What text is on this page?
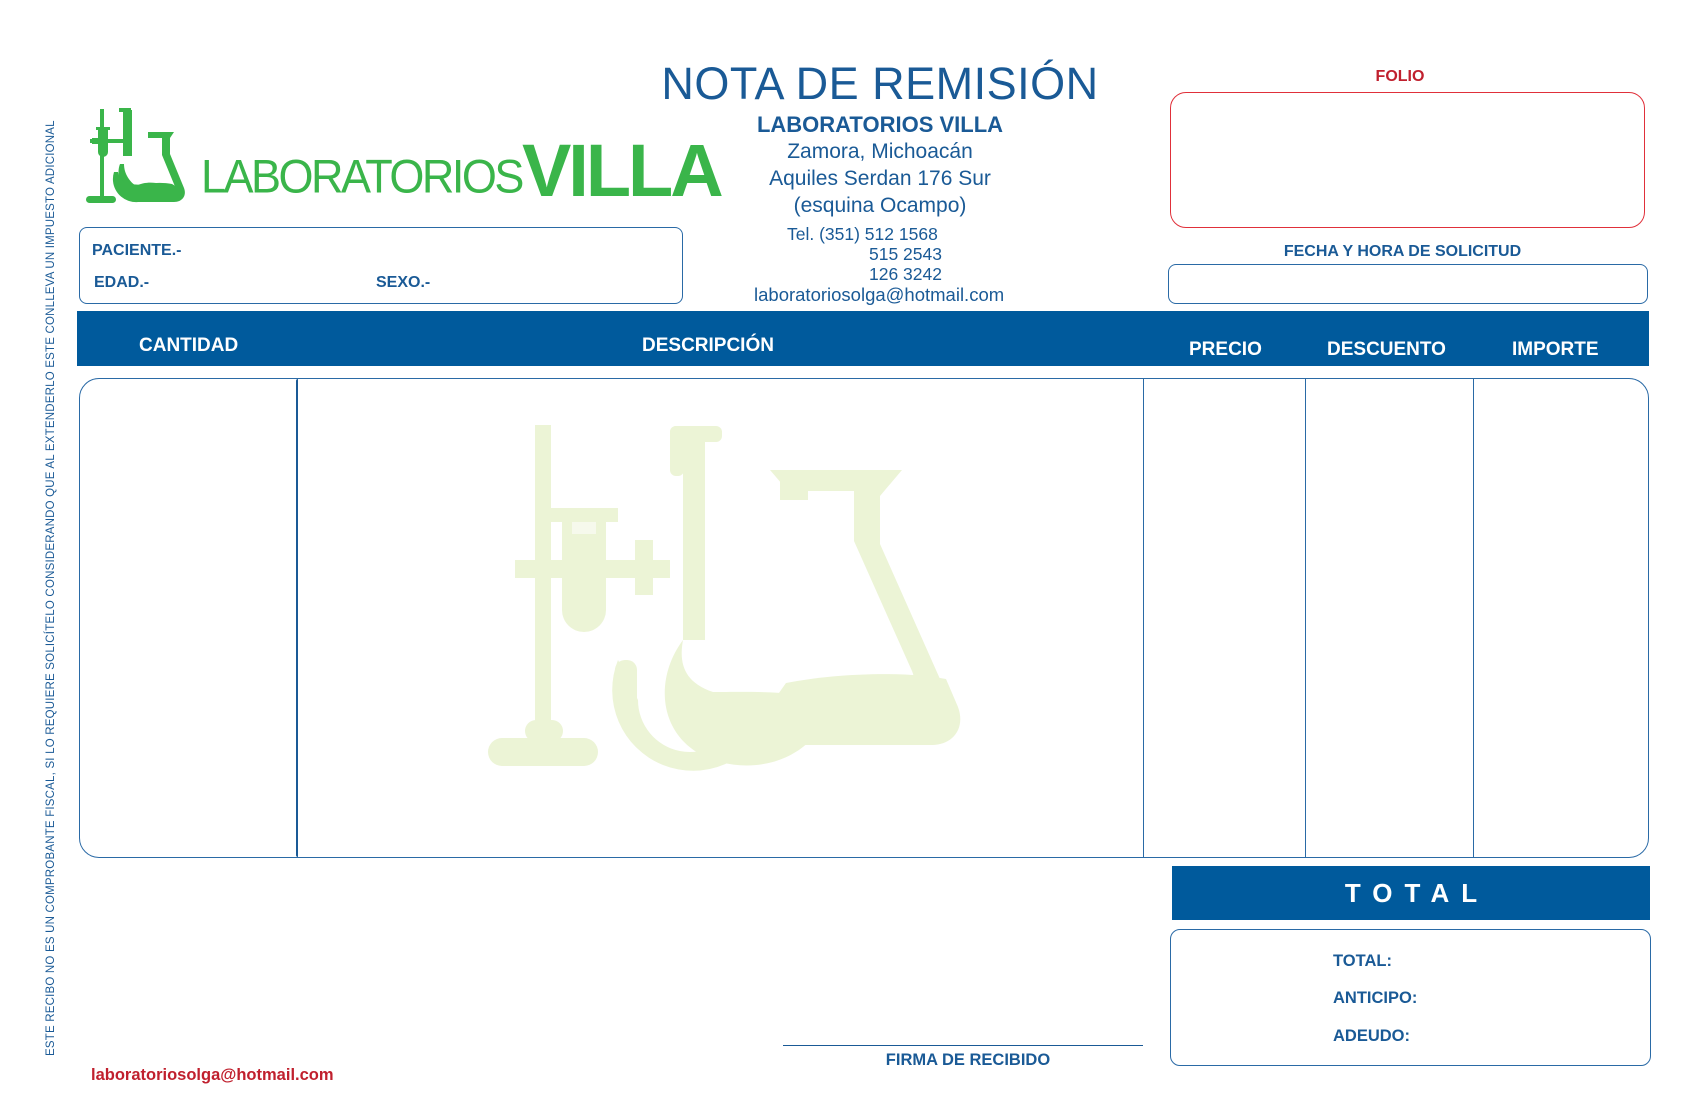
ESTE RECIBO NO ES UN COMPROBANTE FISCAL, SI LO REQUIERE SOLICÍTELO CONSIDERANDO QUE AL EXTENDERLO ESTE CONLLEVA UN IMPUESTO ADICIONAL	LABORATORIOSVILLA
NOTA DE REMISIÓN
LABORATORIOS VILLA
Zamora, Michoacán
Aquiles Serdan 176 Sur
(esquina Ocampo)
Tel. (351) 512 1568
515 2543
126 3242
laboratoriosolga@hotmail.com
FOLIO
FECHA Y HORA DE SOLICITUD
PACIENTE.-
EDAD.-	SEXO.-
CANTIDAD	DESCRIPCIÓN	PRECIO	DESCUENTO	IMPORTE
TOTAL
TOTAL:
ANTICIPO:
ADEUDO:
FIRMA DE RECIBIDO
laboratoriosolga@hotmail.com
